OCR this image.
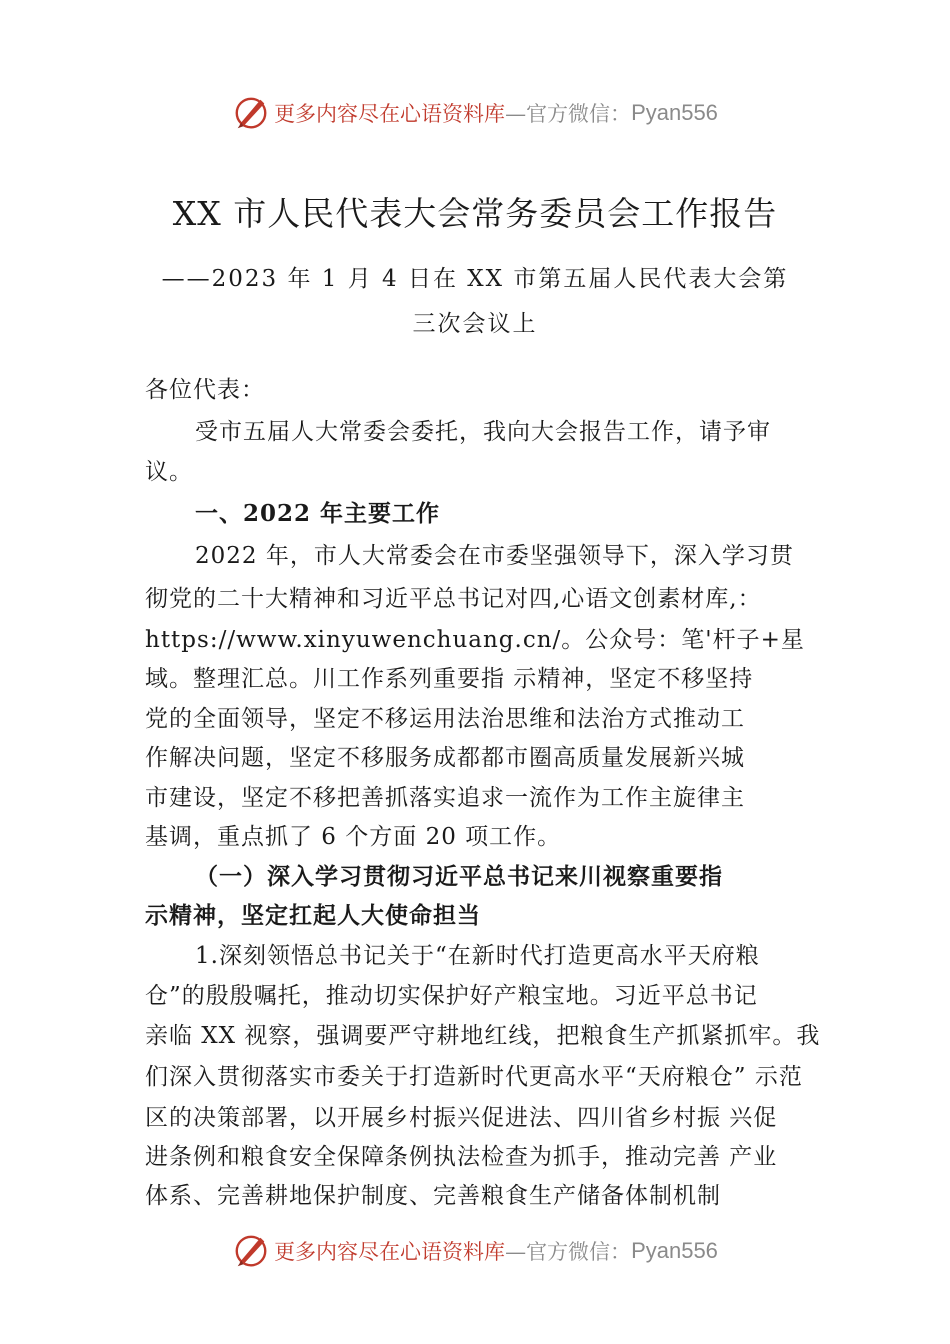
更多内容尽在心语资料库 —官方微信： Pyan556
XX 市人民代表大会常务委员会工作报告
——2023 年 1 月 4 日在 XX 市第五届人民代表大会第
三次会议上
各位代表：
受市五届人大常委会委托，我向大会报告工作，请予审
议。
一、2022 年主要工作
2022 年，市人大常委会在市委坚强领导下，深入学习贯
彻党的二十大精神和习近平总书记对四,心语文创素材库,：
https://www.xinyuwenchuang.cn/。公众号：笔'杆子+星
域。整理汇总。川工作系列重要指 示精神，坚定不移坚持
党的全面领导，坚定不移运用法治思维和法治方式推动工
作解决问题，坚定不移服务成都都市圈高质量发展新兴城
市建设，坚定不移把善抓落实追求一流作为工作主旋律主
基调，重点抓了 6 个方面 20 项工作。
（一）深入学习贯彻习近平总书记来川视察重要指
示精神，坚定扛起人大使命担当
1.深刻领悟总书记关于“在新时代打造更高水平天府粮
仓”的殷殷嘱托，推动切实保护好产粮宝地。习近平总书记
亲临 XX 视察，强调要严守耕地红线，把粮食生产抓紧抓牢。我
们深入贯彻落实市委关于打造新时代更高水平“天府粮仓” 示范
区的决策部署，以开展乡村振兴促进法、四川省乡村振 兴促
进条例和粮食安全保障条例执法检查为抓手，推动完善 产业
体系、完善耕地保护制度、完善粮食生产储备体制机制
更多内容尽在心语资料库 —官方微信： Pyan556
